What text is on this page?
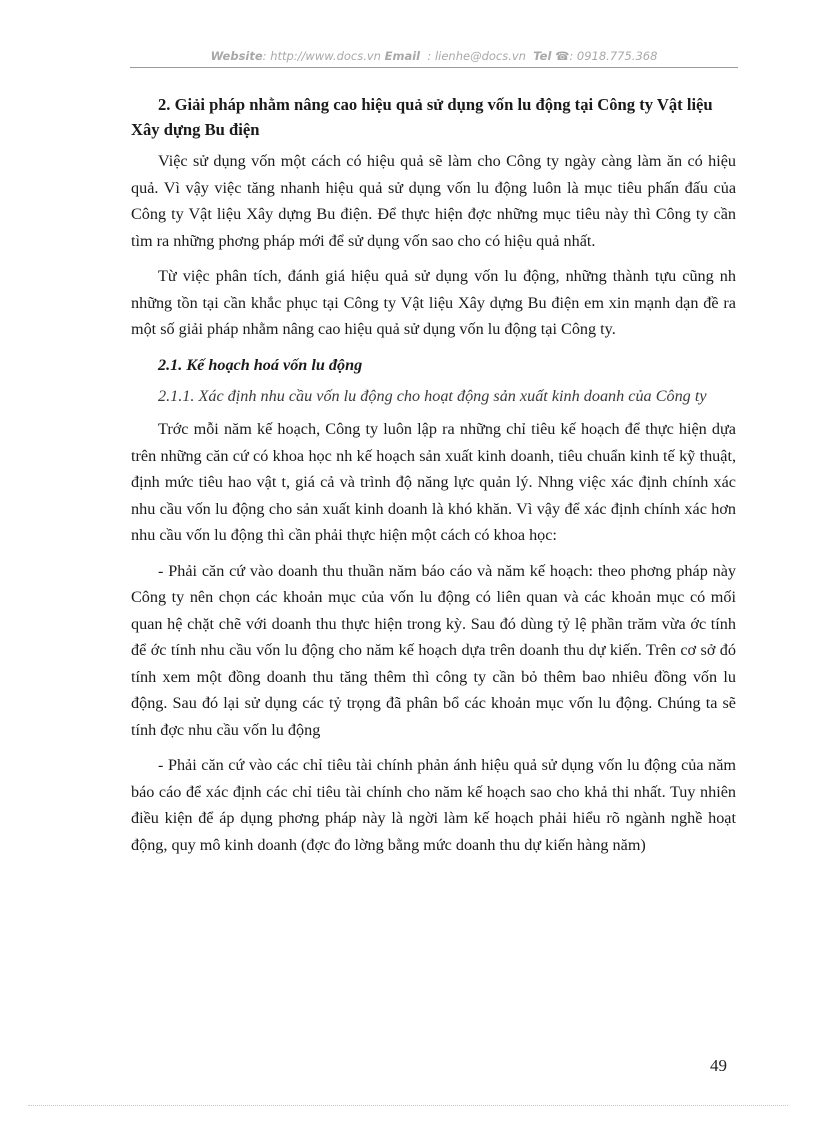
Website: http://www.docs.vn Email : lienhe@docs.vn Tel ☎: 0918.775.368
2. Giải pháp nhằm nâng cao hiệu quả sử dụng vốn lu động tại Công ty Vật liệu Xây dựng Bu điện

Việc sử dụng vốn một cách có hiệu quả sẽ làm cho Công ty ngày càng làm ăn có hiệu quả. Vì vậy việc tăng nhanh hiệu quả sử dụng vốn lu động luôn là mục tiêu phấn đấu của Công ty Vật liệu Xây dựng Bu điện. Để thực hiện đợc những mục tiêu này thì Công ty cần tìm ra những phơng pháp mới để sử dụng vốn sao cho có hiệu quả nhất.

Từ việc phân tích, đánh giá hiệu quả sử dụng vốn lu động, những thành tựu cũng nh những tồn tại cần khắc phục tại Công ty Vật liệu Xây dựng Bu điện em xin mạnh dạn đề ra một số giải pháp nhằm nâng cao hiệu quả sử dụng vốn lu động tại Công ty.

2.1. Kế hoạch hoá vốn lu động
2.1.1. Xác định nhu cầu vốn lu động cho hoạt động sản xuất kinh doanh của Công ty

Trớc mỗi năm kế hoạch, Công ty luôn lập ra những chỉ tiêu kế hoạch để thực hiện dựa trên những căn cứ có khoa học nh kế hoạch sản xuất kinh doanh, tiêu chuẩn kinh tế kỹ thuật, định mức tiêu hao vật t, giá cả và trình độ năng lực quản lý. Nhng việc xác định chính xác nhu cầu vốn lu động cho sản xuất kinh doanh là khó khăn. Vì vậy để xác định chính xác hơn nhu cầu vốn lu động thì cần phải thực hiện một cách có khoa học:

- Phải căn cứ vào doanh thu thuần năm báo cáo và năm kế hoạch: theo phơng pháp này Công ty nên chọn các khoản mục của vốn lu động có liên quan và các khoản mục có mối quan hệ chặt chẽ với doanh thu thực hiện trong kỳ. Sau đó dùng tỷ lệ phần trăm vừa ớc tính để ớc tính nhu cầu vốn lu động cho năm kế hoạch dựa trên doanh thu dự kiến. Trên cơ sở đó tính xem một đồng doanh thu tăng thêm thì công ty cần bỏ thêm bao nhiêu đồng vốn lu động. Sau đó lại sử dụng các tỷ trọng đã phân bổ các khoản mục vốn lu động. Chúng ta sẽ tính đợc nhu cầu vốn lu động

- Phải căn cứ vào các chỉ tiêu tài chính phản ánh hiệu quả sử dụng vốn lu động của năm báo cáo để xác định các chỉ tiêu tài chính cho năm kế hoạch sao cho khả thi nhất. Tuy nhiên điều kiện để áp dụng phơng pháp này là ngời làm kế hoạch phải hiểu rõ ngành nghề hoạt động, quy mô kinh doanh (đợc đo lờng bằng mức doanh thu dự kiến hàng năm)

49
